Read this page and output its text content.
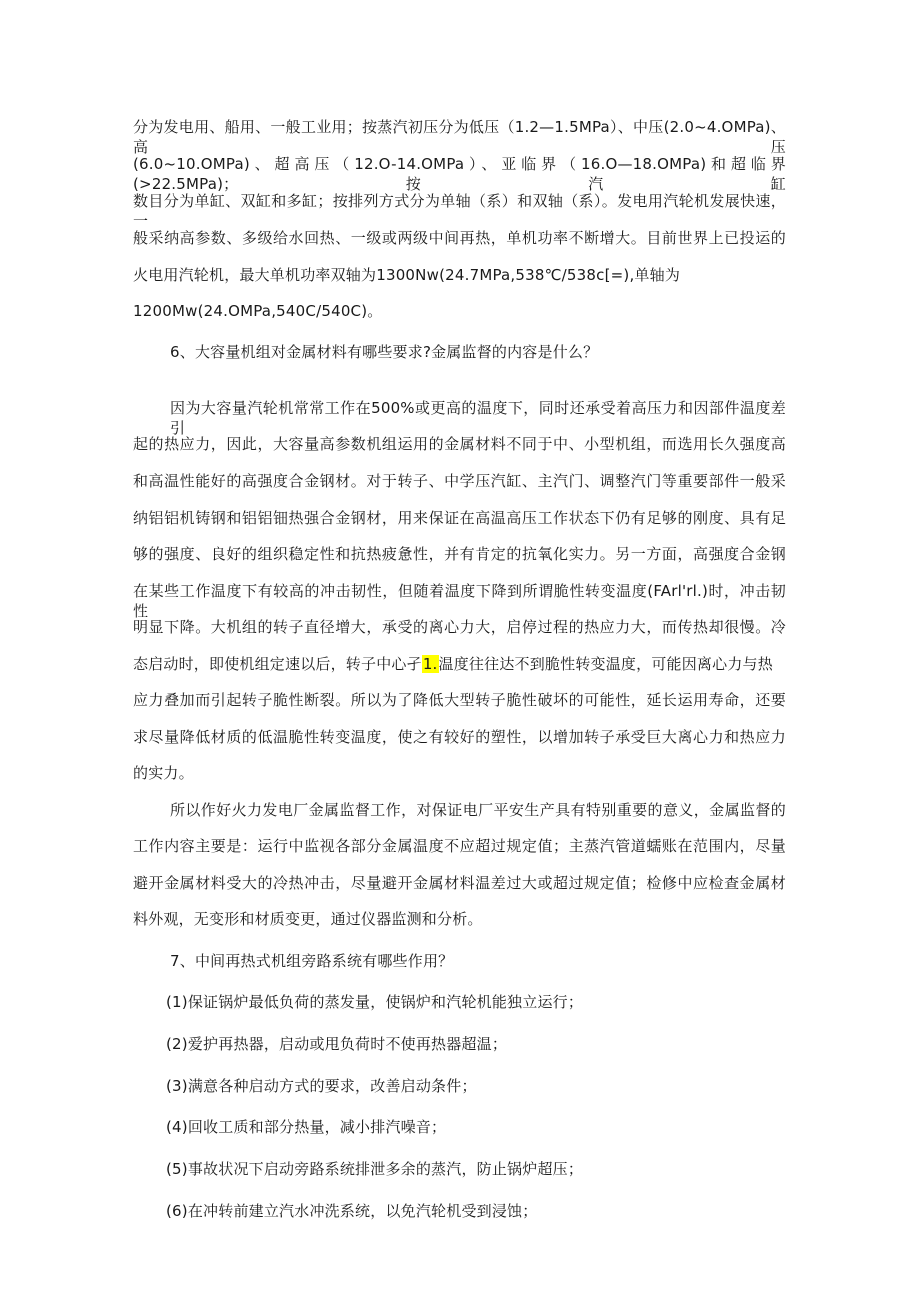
分为发电用、船用、一般工业用；按蒸汽初压分为低压（1.2—1.5MPa）、中压(2.0~4.OMPa)、高压
(6.0~10.OMPa)、超高压（12.O-14.OMPa）、亚临界（16.O—18.OMPa)和超临界(>22.5MPa)；按汽缸
数目分为单缸、双缸和多缸；按排列方式分为单轴（系）和双轴（系）。发电用汽轮机发展快速，一
般采纳高参数、多级给水回热、一级或两级中间再热，单机功率不断增大。目前世界上已投运的
火电用汽轮机，最大单机功率双轴为1300Nw(24.7MPa,538℃/538c[=),单轴为
1200Mw(24.OMPa,540C/540C)。
6、大容量机组对金属材料有哪些要求?金属监督的内容是什么？
因为大容量汽轮机常常工作在500%或更高的温度下，同时还承受着高压力和因部件温度差引
起的热应力，因此，大容量高参数机组运用的金属材料不同于中、小型机组，而选用长久强度高
和高温性能好的高强度合金钢材。对于转子、中学压汽缸、主汽门、调整汽门等重要部件一般采
纳铝铝机铸钢和铝铝钿热强合金钢材，用来保证在高温高压工作状态下仍有足够的刚度、具有足
够的强度、良好的组织稳定性和抗热疲惫性，并有肯定的抗氧化实力。另一方面，高强度合金钢
在某些工作温度下有较高的冲击韧性，但随着温度下降到所谓脆性转变温度(FArl'rl.)时，冲击韧性
明显下降。大机组的转子直径增大，承受的离心力大，启停过程的热应力大，而传热却很慢。冷
态启动时，即使机组定速以后，转子中心孑1.温度往往达不到脆性转变温度，可能因离心力与热
应力叠加而引起转子脆性断裂。所以为了降低大型转子脆性破坏的可能性，延长运用寿命，还要
求尽量降低材质的低温脆性转变温度，使之有较好的塑性，以增加转子承受巨大离心力和热应力
的实力。
所以作好火力发电厂金属监督工作，对保证电厂平安生产具有特别重要的意义，金属监督的
工作内容主要是：运行中监视各部分金属温度不应超过规定值；主蒸汽管道蠕账在范围内，尽量
避开金属材料受大的冷热冲击，尽量避开金属材料温差过大或超过规定值；检修中应检查金属材
料外观，无变形和材质变更，通过仪器监测和分析。
7、中间再热式机组旁路系统有哪些作用？
(1)保证锅炉最低负荷的蒸发量，使锅炉和汽轮机能独立运行；
(2)爱护再热器，启动或甩负荷时不使再热器超温；
(3)满意各种启动方式的要求，改善启动条件；
(4)回收工质和部分热量，减小排汽噪音；
(5)事故状况下启动旁路系统排泄多余的蒸汽，防止锅炉超压；
(6)在冲转前建立汽水冲洗系统，以免汽轮机受到浸蚀；
